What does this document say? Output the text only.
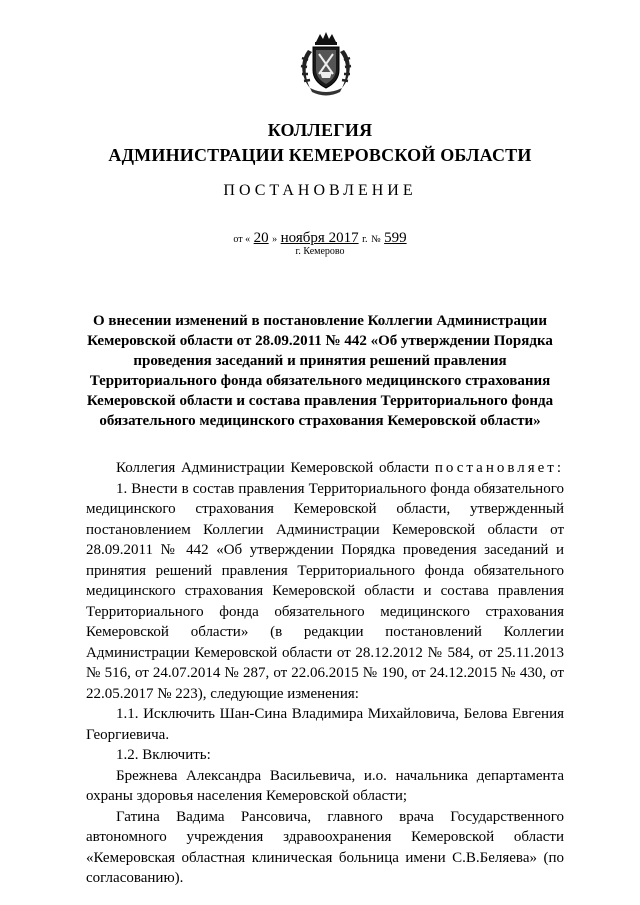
КОЛЛЕГИЯ
АДМИНИСТРАЦИИ КЕМЕРОВСКОЙ ОБЛАСТИ
ПОСТАНОВЛЕНИЕ
от « 20 » ноября 2017 г. № 599
г. Кемерово
О внесении изменений в постановление Коллегии Администрации
Кемеровской области от 28.09.2011 № 442 «Об утверждении Порядка
проведения заседаний и принятия решений правления
Территориального фонда обязательного медицинского страхования
Кемеровской области и состава правления Территориального фонда
обязательного медицинского страхования Кемеровской области»
Коллегия Администрации Кемеровской области постановляет:
1. Внести в состав правления Территориального фонда обязательного
медицинского страхования Кемеровской области, утвержденный
постановлением Коллегии Администрации Кемеровской области от
28.09.2011 № 442 «Об утверждении Порядка проведения заседаний и
принятия решений правления Территориального фонда обязательного
медицинского страхования Кемеровской области и состава правления
Территориального фонда обязательного медицинского страхования
Кемеровской области» (в редакции постановлений Коллегии
Администрации Кемеровской области от 28.12.2012 № 584, от 25.11.2013
№ 516, от 24.07.2014 № 287, от 22.06.2015 № 190, от 24.12.2015 № 430, от
22.05.2017 № 223), следующие изменения:
1.1. Исключить Шан-Сина Владимира Михайловича, Белова Евгения
Георгиевича.
1.2. Включить:
Брежнева Александра Васильевича, и.о. начальника департамента
охраны здоровья населения Кемеровской области;
Гатина Вадима Рансовича, главного врача Государственного
автономного учреждения здравоохранения Кемеровской области
«Кемеровская областная клиническая больница имени С.В.Беляева» (по
согласованию).
